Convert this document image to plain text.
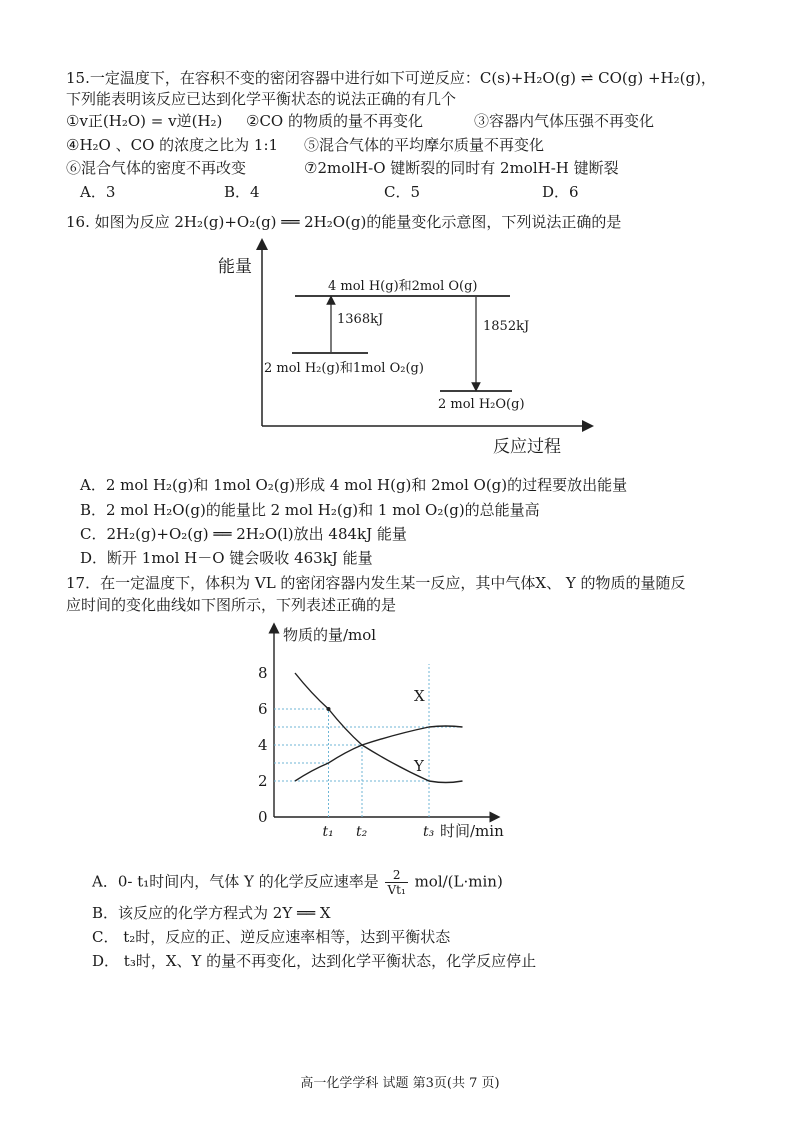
15.一定温度下，在容积不变的密闭容器中进行如下可逆反应：C(s)+H₂O(g) ⇌ CO(g) +H₂(g)，
下列能表明该反应已达到化学平衡状态的说法正确的有几个
①v正(H₂O) = v逆(H₂) ②CO 的物质的量不再变化	③容器内气体压强不再变化
④H₂O 、CO 的浓度之比为 1:1 ⑤混合气体的平均摩尔质量不再变化
⑥混合气体的密度不再改变	⑦2molH-O 键断裂的同时有 2molH-H 键断裂
A．3	B．4	C．5	D．6
16. 如图为反应 2H₂(g)+O₂(g) ══ 2H₂O(g)的能量变化示意图，下列说法正确的是
能量
反应过程
4 mol H(g)和2mol O(g)
2 mol H₂(g)和1mol O₂(g)
2 mol H₂O(g)
1368kJ	1852kJ
A．2 mol H₂(g)和 1mol O₂(g)形成 4 mol H(g)和 2mol O(g)的过程要放出能量
B．2 mol H₂O(g)的能量比 2 mol H₂(g)和 1 mol O₂(g)的总能量高
C．2H₂(g)+O₂(g) ══ 2H₂O(l)放出 484kJ 能量
D．断开 1mol H－O 键会吸收 463kJ 能量
17．在一定温度下，体积为 VL 的密闭容器内发生某一反应，其中气体X、 Y 的物质的量随反
应时间的变化曲线如下图所示，下列表述正确的是
物质的量/mol
时间/min
0
2
4
6
8
t₁ t₂	t₃
X
Y
A．0- t₁时间内，气体 Y 的化学反应速率是 $\frac{2}{\text{Vt₁}} mol/(L\cdot\min)$
B．该反应的化学方程式为 2Y ══ X
C． t₂时，反应的正、逆反应速率相等，达到平衡状态
D． t₃时，X、Y 的量不再变化，达到化学平衡状态，化学反应停止
高一化学学科 试题 第3页(共 7 页)
